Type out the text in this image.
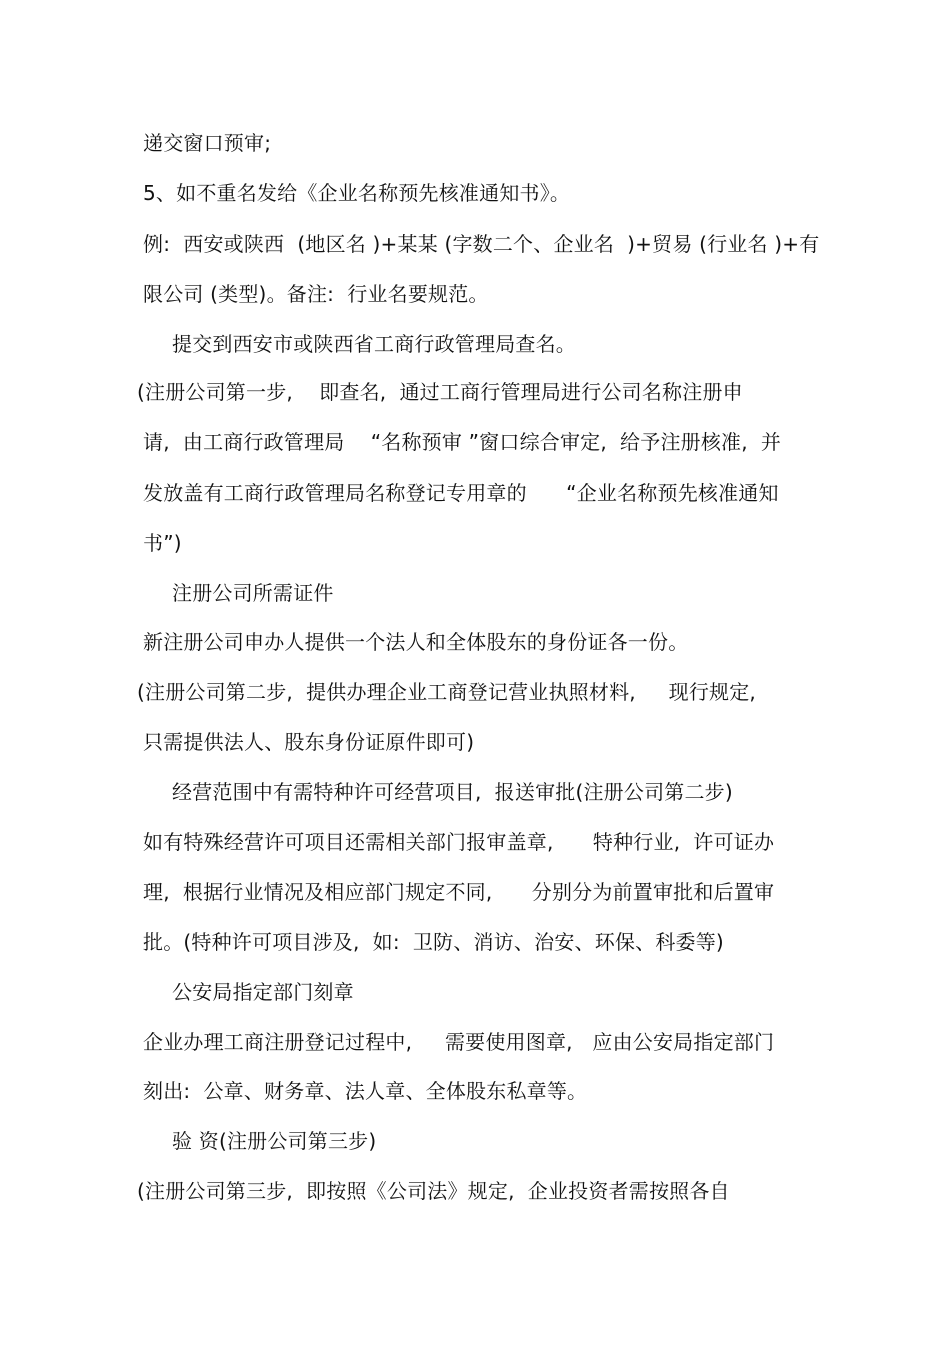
递交窗口预审;
5、如不重名发给《企业名称预先核准通知书》。
例:  西安或陕西  (地区名 )+某某 (字数二个、企业名  )+贸易 (行业名 )+有
限公司 (类型)。备注:  行业名要规范。
提交到西安市或陕西省工商行政管理局查名。
(注册公司第一步,    即查名,  通过工商行管理局进行公司名称注册申
请,  由工商行政管理局    “名称预审 ”窗口综合审定,  给予注册核准,  并
发放盖有工商行政管理局名称登记专用章的      “企业名称预先核准通知
书”)
注册公司所需证件
新注册公司申办人提供一个法人和全体股东的身份证各一份。
(注册公司第二步,  提供办理企业工商登记营业执照材料,     现行规定,
只需提供法人、股东身份证原件即可)
经营范围中有需特种许可经营项目,  报送审批(注册公司第二步)
如有特殊经营许可项目还需相关部门报审盖章,      特种行业,  许可证办
理,  根据行业情况及相应部门规定不同,      分别分为前置审批和后置审
批。(特种许可项目涉及,  如:  卫防、消访、治安、环保、科委等)
公安局指定部门刻章
企业办理工商注册登记过程中,     需要使用图章,   应由公安局指定部门
刻出:  公章、财务章、法人章、全体股东私章等。
验 资(注册公司第三步)
(注册公司第三步,  即按照《公司法》规定,  企业投资者需按照各自
